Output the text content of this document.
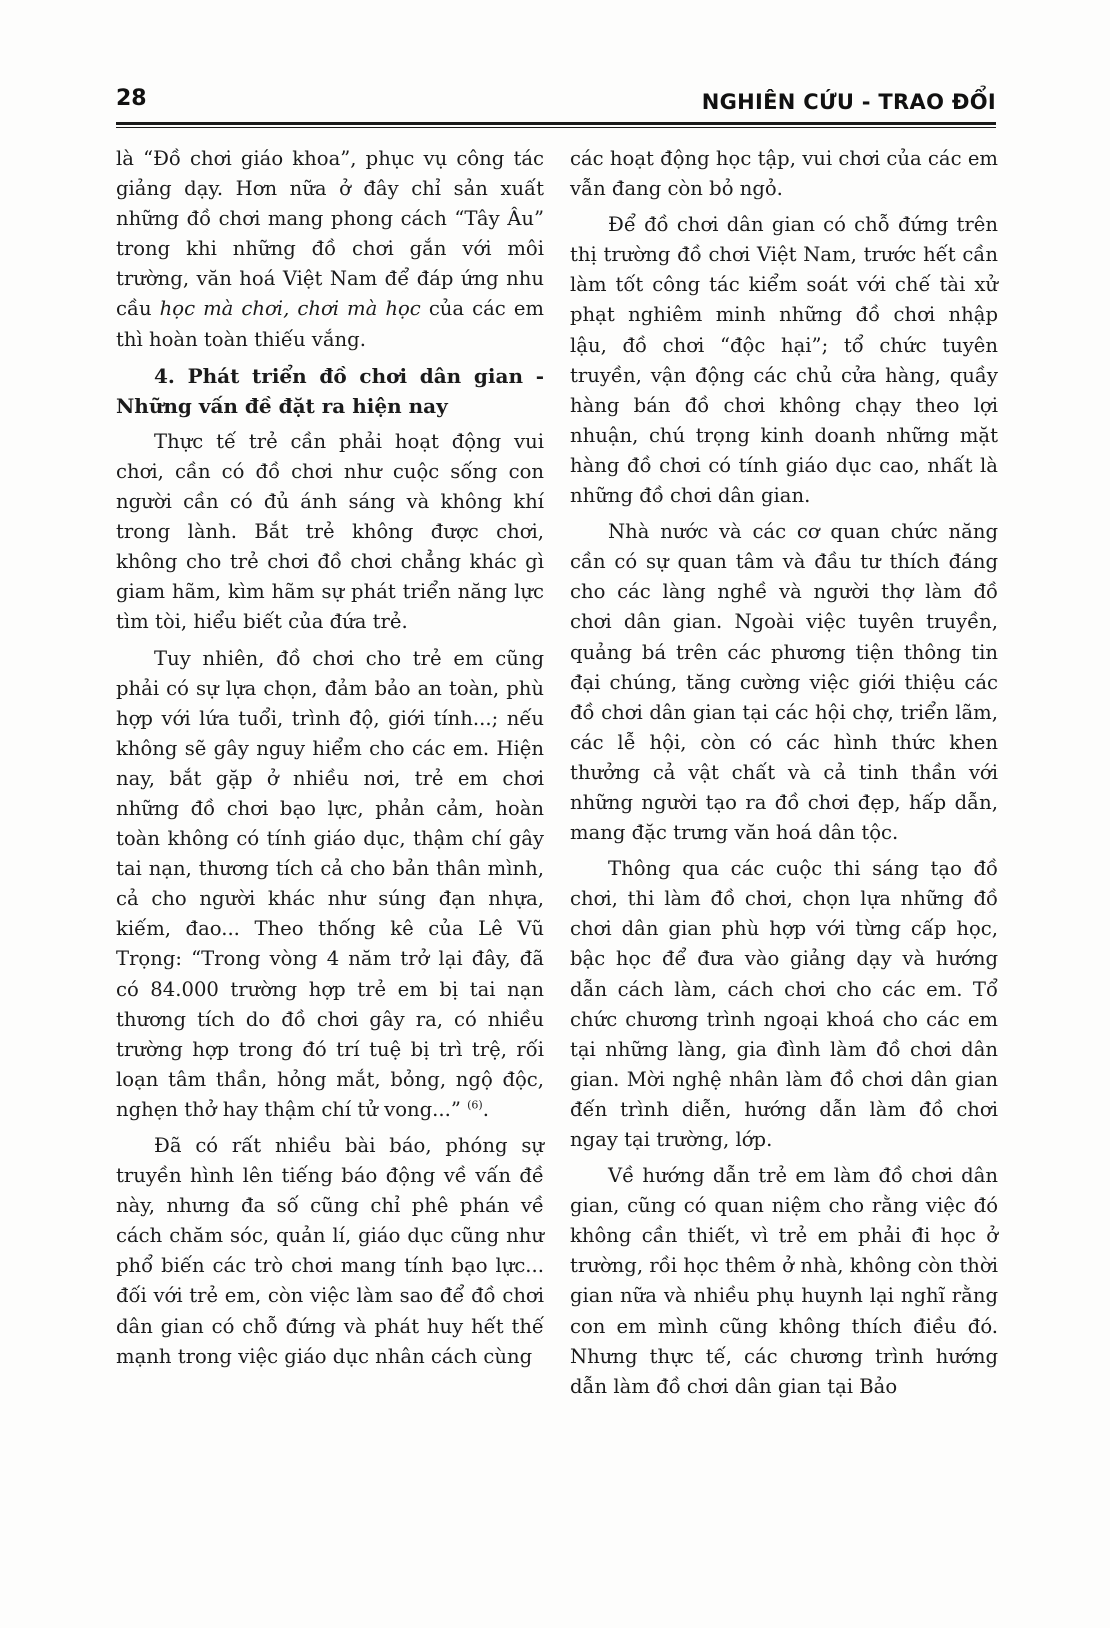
28	NGHIÊN CỨU - TRAO ĐỔI

là “Đồ chơi giáo khoa”, phục vụ công tác giảng dạy. Hơn nữa ở đây chỉ sản xuất những đồ chơi mang phong cách “Tây Âu” trong khi những đồ chơi gắn với môi trường, văn hoá Việt Nam để đáp ứng nhu cầu học mà chơi, chơi mà học của các em thì hoàn toàn thiếu vắng.

4. Phát triển đồ chơi dân gian - Những vấn đề đặt ra hiện nay

Thực tế trẻ cần phải hoạt động vui chơi, cần có đồ chơi như cuộc sống con người cần có đủ ánh sáng và không khí trong lành. Bắt trẻ không được chơi, không cho trẻ chơi đồ chơi chẳng khác gì giam hãm, kìm hãm sự phát triển năng lực tìm tòi, hiểu biết của đứa trẻ.

Tuy nhiên, đồ chơi cho trẻ em cũng phải có sự lựa chọn, đảm bảo an toàn, phù hợp với lứa tuổi, trình độ, giới tính...; nếu không sẽ gây nguy hiểm cho các em. Hiện nay, bắt gặp ở nhiều nơi, trẻ em chơi những đồ chơi bạo lực, phản cảm, hoàn toàn không có tính giáo dục, thậm chí gây tai nạn, thương tích cả cho bản thân mình, cả cho người khác như súng đạn nhựa, kiếm, đao... Theo thống kê của Lê Vũ Trọng: “Trong vòng 4 năm trở lại đây, đã có 84.000 trường hợp trẻ em bị tai nạn thương tích do đồ chơi gây ra, có nhiều trường hợp trong đó trí tuệ bị trì trệ, rối loạn tâm thần, hỏng mắt, bỏng, ngộ độc, nghẹn thở hay thậm chí tử vong...” $^{(6)}$.

Đã có rất nhiều bài báo, phóng sự truyền hình lên tiếng báo động về vấn đề này, nhưng đa số cũng chỉ phê phán về cách chăm sóc, quản lí, giáo dục cũng như phổ biến các trò chơi mang tính bạo lực... đối với trẻ em, còn việc làm sao để đồ chơi dân gian có chỗ đứng và phát huy hết thế mạnh trong việc giáo dục nhân cách cùng

các hoạt động học tập, vui chơi của các em vẫn đang còn bỏ ngỏ.

Để đồ chơi dân gian có chỗ đứng trên thị trường đồ chơi Việt Nam, trước hết cần làm tốt công tác kiểm soát với chế tài xử phạt nghiêm minh những đồ chơi nhập lậu, đồ chơi “độc hại”; tổ chức tuyên truyền, vận động các chủ cửa hàng, quầy hàng bán đồ chơi không chạy theo lợi nhuận, chú trọng kinh doanh những mặt hàng đồ chơi có tính giáo dục cao, nhất là những đồ chơi dân gian.

Nhà nước và các cơ quan chức năng cần có sự quan tâm và đầu tư thích đáng cho các làng nghề và người thợ làm đồ chơi dân gian. Ngoài việc tuyên truyền, quảng bá trên các phương tiện thông tin đại chúng, tăng cường việc giới thiệu các đồ chơi dân gian tại các hội chợ, triển lãm, các lễ hội, còn có các hình thức khen thưởng cả vật chất và cả tinh thần với những người tạo ra đồ chơi đẹp, hấp dẫn, mang đặc trưng văn hoá dân tộc.

Thông qua các cuộc thi sáng tạo đồ chơi, thi làm đồ chơi, chọn lựa những đồ chơi dân gian phù hợp với từng cấp học, bậc học để đưa vào giảng dạy và hướng dẫn cách làm, cách chơi cho các em. Tổ chức chương trình ngoại khoá cho các em tại những làng, gia đình làm đồ chơi dân gian. Mời nghệ nhân làm đồ chơi dân gian đến trình diễn, hướng dẫn làm đồ chơi ngay tại trường, lớp.

Về hướng dẫn trẻ em làm đồ chơi dân gian, cũng có quan niệm cho rằng việc đó không cần thiết, vì trẻ em phải đi học ở trường, rồi học thêm ở nhà, không còn thời gian nữa và nhiều phụ huynh lại nghĩ rằng con em mình cũng không thích điều đó. Nhưng thực tế, các chương trình hướng dẫn làm đồ chơi dân gian tại Bảo
